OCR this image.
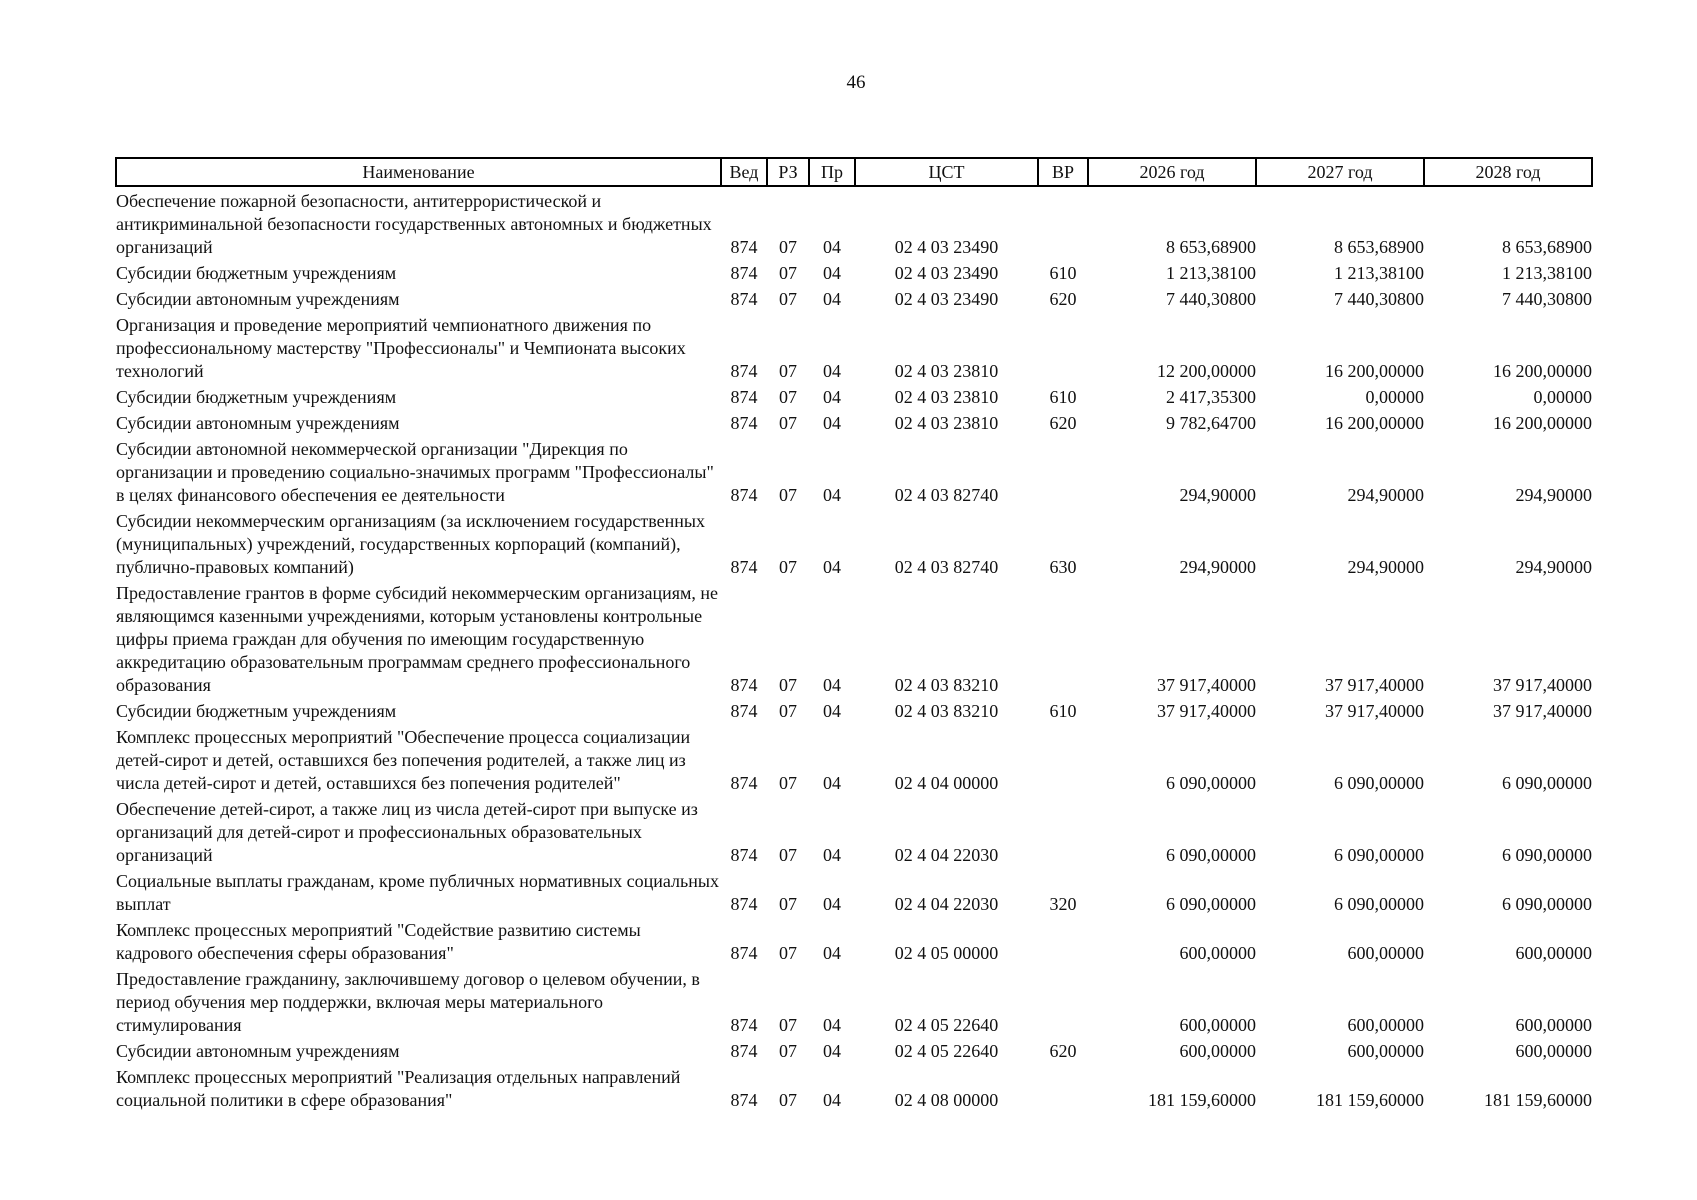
46
Наименование	Вед	РЗ	Пр	ЦСТ	ВР	2026 год	2027 год	2028 год
Обеспечение пожарной безопасности, антитеррористической и антикриминальной безопасности государственных автономных и бюджетных организаций	874	07	04	02 4 03 23490		8 653,68900	8 653,68900	8 653,68900
Субсидии бюджетным учреждениям	874	07	04	02 4 03 23490	610	1 213,38100	1 213,38100	1 213,38100
Субсидии автономным учреждениям	874	07	04	02 4 03 23490	620	7 440,30800	7 440,30800	7 440,30800
Организация и проведение мероприятий чемпионатного движения по профессиональному мастерству "Профессионалы" и Чемпионата высоких технологий	874	07	04	02 4 03 23810		12 200,00000	16 200,00000	16 200,00000
Субсидии бюджетным учреждениям	874	07	04	02 4 03 23810	610	2 417,35300	0,00000	0,00000
Субсидии автономным учреждениям	874	07	04	02 4 03 23810	620	9 782,64700	16 200,00000	16 200,00000
Субсидии автономной некоммерческой организации "Дирекция по организации и проведению социально-значимых программ "Профессионалы" в целях финансового обеспечения ее деятельности	874	07	04	02 4 03 82740		294,90000	294,90000	294,90000
Субсидии некоммерческим организациям (за исключением государственных (муниципальных) учреждений, государственных корпораций (компаний), публично-правовых компаний)	874	07	04	02 4 03 82740	630	294,90000	294,90000	294,90000
Предоставление грантов в форме субсидий некоммерческим организациям, не являющимся казенными учреждениями, которым установлены контрольные цифры приема граждан для обучения по имеющим государственную аккредитацию образовательным программам среднего профессионального образования	874	07	04	02 4 03 83210		37 917,40000	37 917,40000	37 917,40000
Субсидии бюджетным учреждениям	874	07	04	02 4 03 83210	610	37 917,40000	37 917,40000	37 917,40000
Комплекс процессных мероприятий "Обеспечение процесса социализации детей-сирот и детей, оставшихся без попечения родителей, а также лиц из числа детей-сирот и детей, оставшихся без попечения родителей"	874	07	04	02 4 04 00000		6 090,00000	6 090,00000	6 090,00000
Обеспечение детей-сирот, а также лиц из числа детей-сирот при выпуске из организаций для детей-сирот и профессиональных образовательных организаций	874	07	04	02 4 04 22030		6 090,00000	6 090,00000	6 090,00000
Социальные выплаты гражданам, кроме публичных нормативных социальных выплат	874	07	04	02 4 04 22030	320	6 090,00000	6 090,00000	6 090,00000
Комплекс процессных мероприятий "Содействие развитию системы кадрового обеспечения сферы образования"	874	07	04	02 4 05 00000		600,00000	600,00000	600,00000
Предоставление гражданину, заключившему договор о целевом обучении, в период обучения мер поддержки, включая меры материального стимулирования	874	07	04	02 4 05 22640		600,00000	600,00000	600,00000
Субсидии автономным учреждениям	874	07	04	02 4 05 22640	620	600,00000	600,00000	600,00000
Комплекс процессных мероприятий "Реализация отдельных направлений социальной политики в сфере образования"	874	07	04	02 4 08 00000		181 159,60000	181 159,60000	181 159,60000
